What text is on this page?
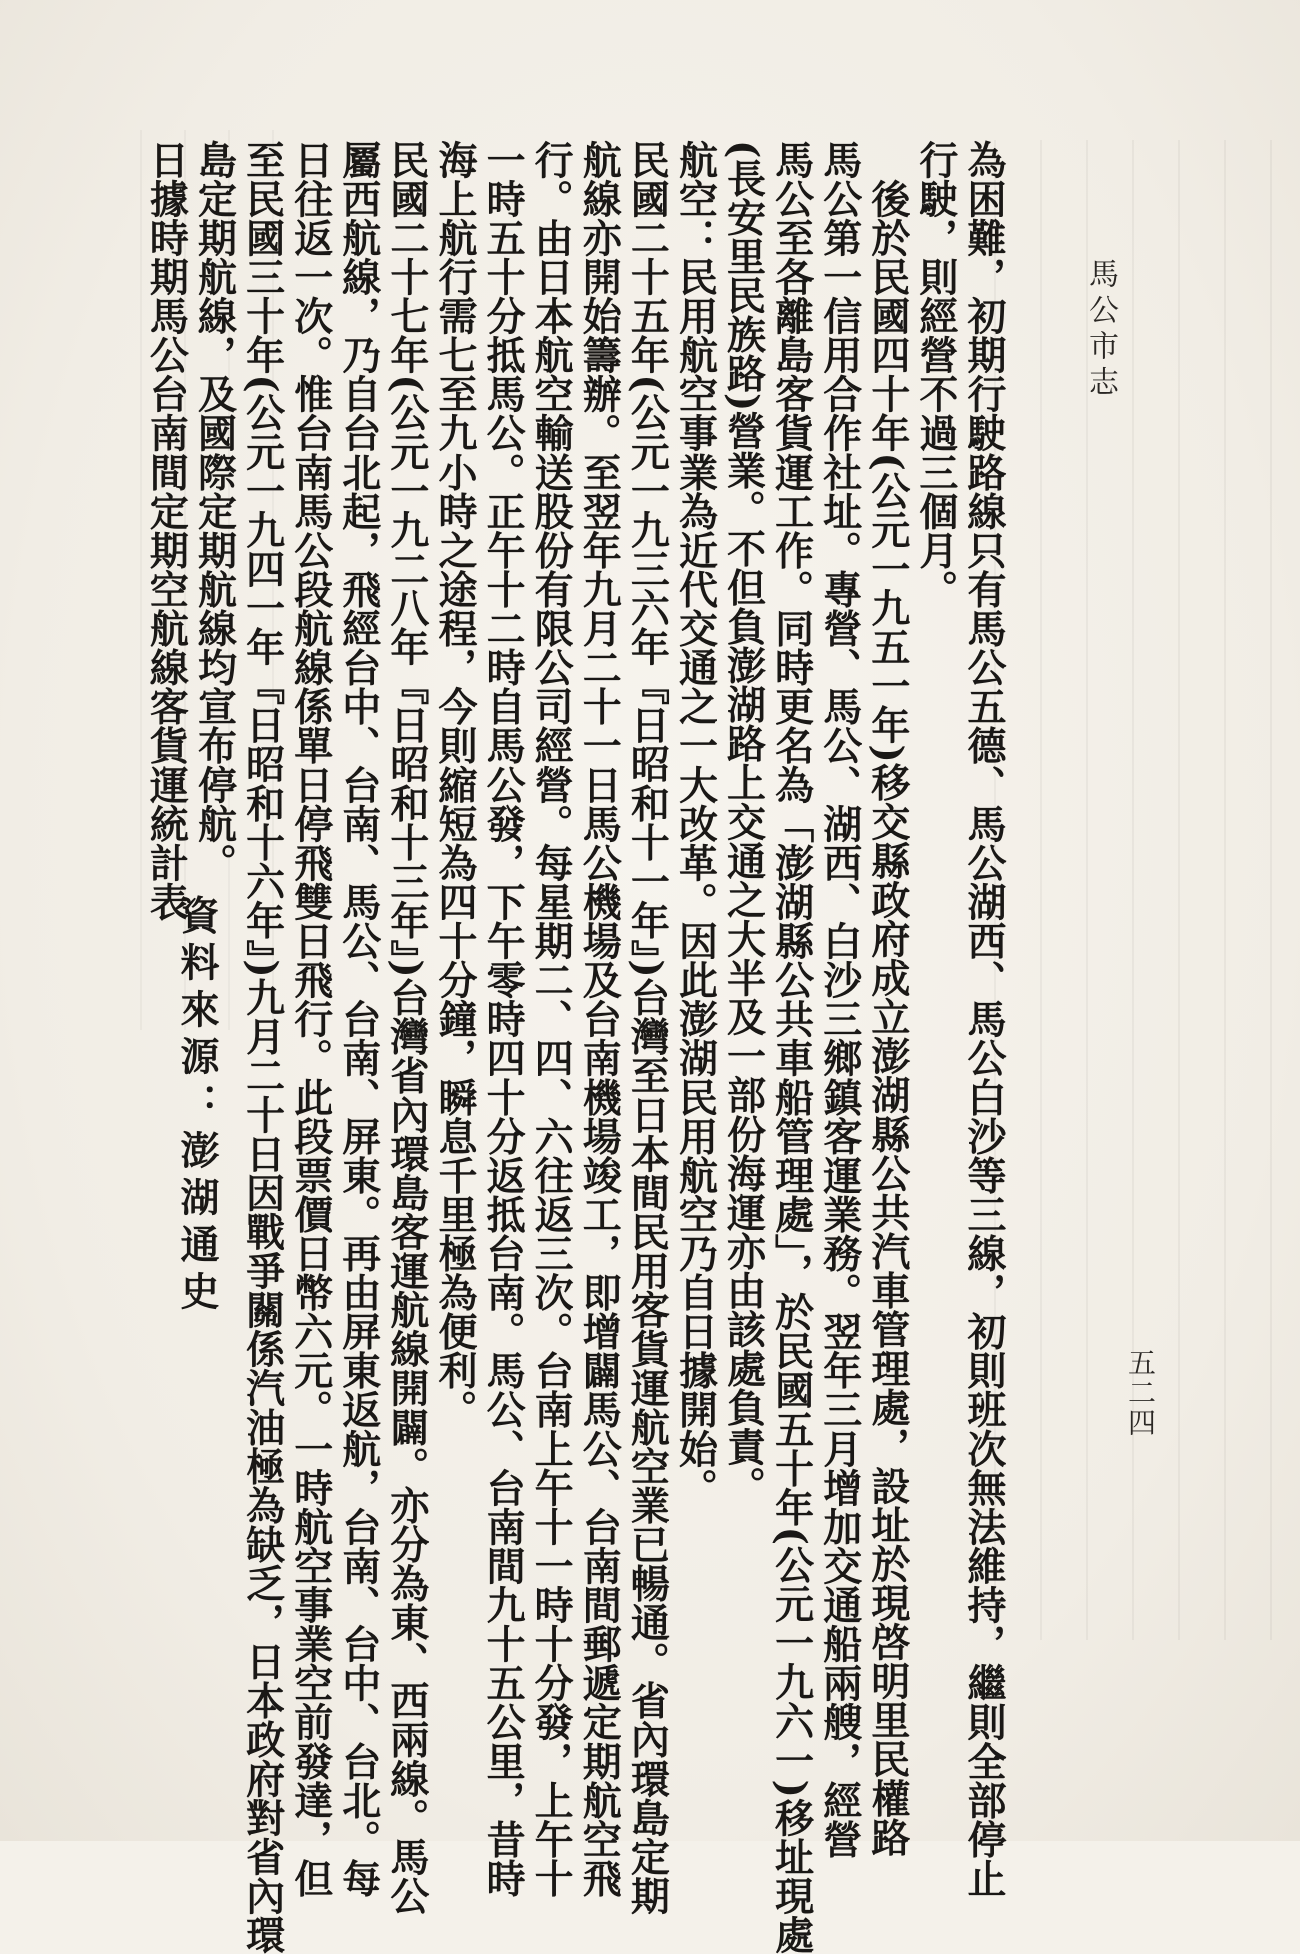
馬公市志
五二四
為困難，初期行駛路線只有馬公五德、馬公湖西、馬公白沙等三線，初則班次無法維持，繼則全部停止
行駛，則經營不過三個月。
　後於民國四十年(公元一九五一年)移交縣政府成立澎湖縣公共汽車管理處，設址於現啓明里民權路
馬公第一信用合作社址。專營、馬公、湖西、白沙三鄉鎮客運業務。翌年三月增加交通船兩艘，經營
馬公至各離島客貨運工作。同時更名為「澎湖縣公共車船管理處」，於民國五十年(公元一九六一)移址現處
(長安里民族路)營業。不但負澎湖路上交通之大半及一部份海運亦由該處負責。
航空：民用航空事業為近代交通之一大改革。因此澎湖民用航空乃自日據開始。
民國二十五年(公元一九三六年『日昭和十一年』)台灣至日本間民用客貨運航空業已暢通。省內環島定期
航線亦開始籌辦。至翌年九月二十一日馬公機場及台南機場竣工，即增闢馬公、台南間郵遞定期航空飛
行。由日本航空輸送股份有限公司經營。每星期二、四、六往返三次。台南上午十一時十分發，上午十
一時五十分抵馬公。正午十二時自馬公發，下午零時四十分返抵台南。馬公、台南間九十五公里，昔時
海上航行需七至九小時之途程，今則縮短為四十分鐘，瞬息千里極為便利。
民國二十七年(公元一九二八年『日昭和十三年』)台灣省內環島客運航線開闢。亦分為東、西兩線。馬公
屬西航線，乃自台北起，飛經台中、台南、馬公、台南、屏東。再由屏東返航，台南、台中、台北。每
日往返一次。惟台南馬公段航線係單日停飛雙日飛行。此段票價日幣六元。一時航空事業空前發達，但
至民國三十年(公元一九四一年『日昭和十六年』)九月二十日因戰爭關係汽油極為缺乏，日本政府對省內環
島定期航線，及國際定期航線均宣布停航。
日據時期馬公台南間定期空航線客貨運統計表
資料來源：澎湖通史
